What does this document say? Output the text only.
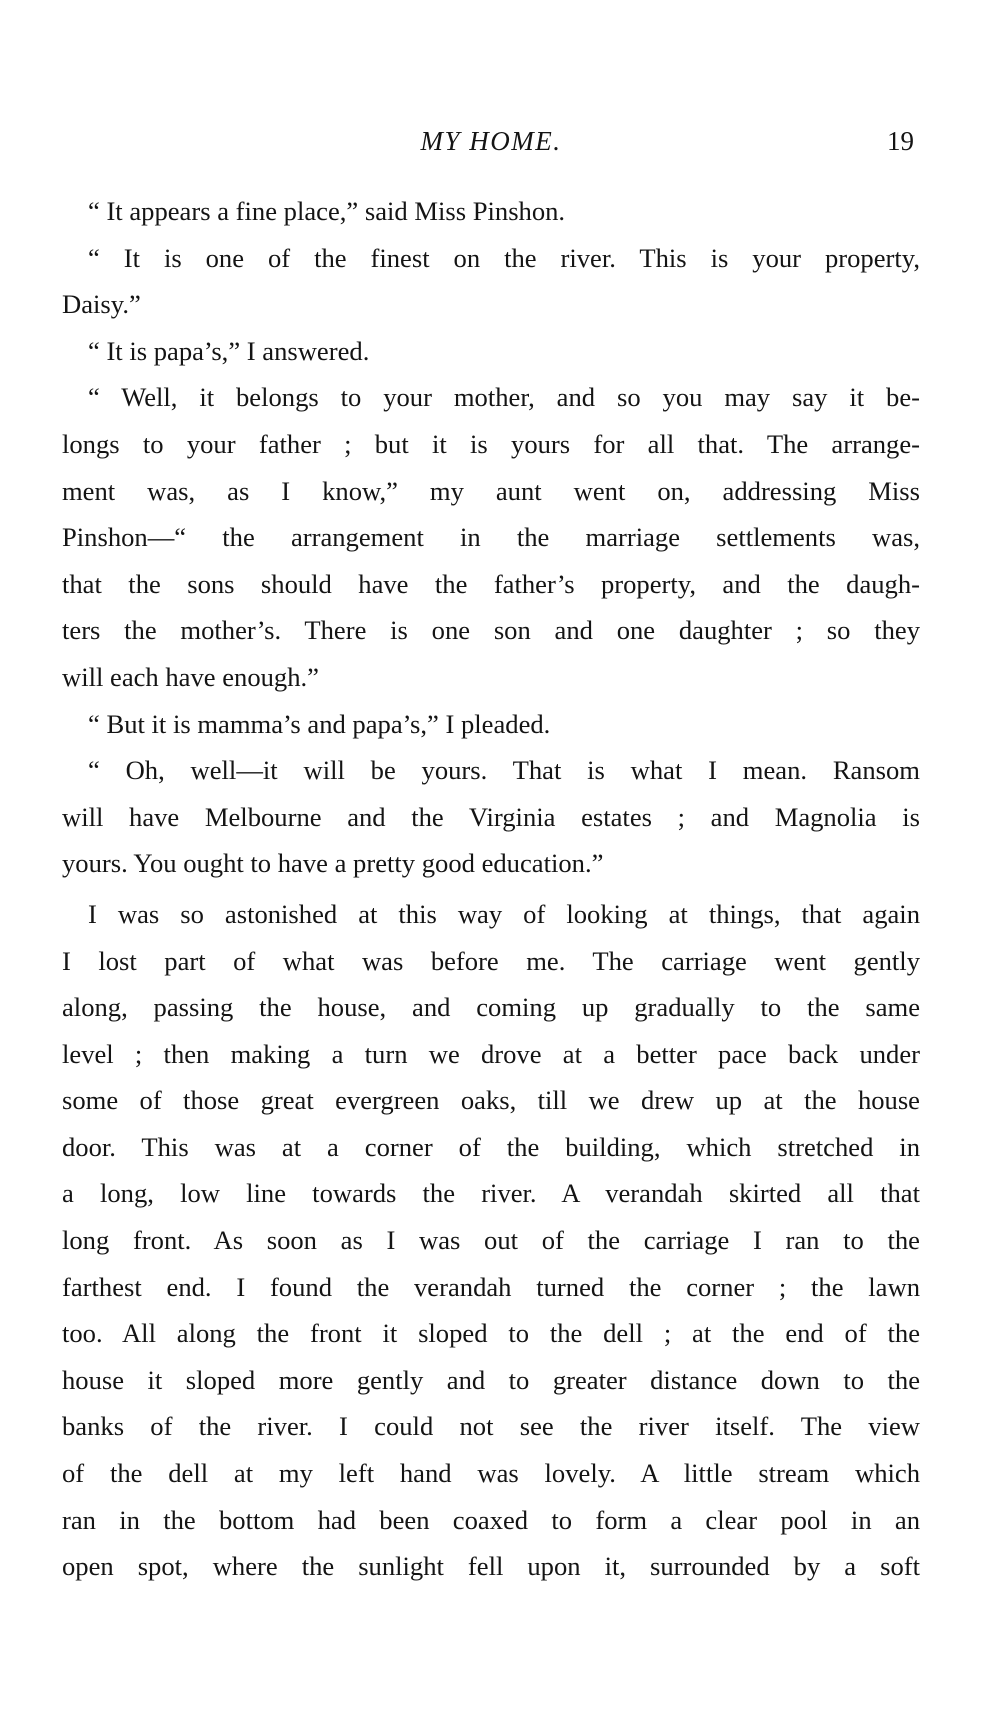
MY HOME.	19
“ It appears a fine place,” said Miss Pinshon.
“ It is one of the finest on the river. This is your property,
Daisy.”
“ It is papa’s,” I answered.
“ Well, it belongs to your mother, and so you may say it be-
longs to your father ; but it is yours for all that. The arrange-
ment was, as I know,” my aunt went on, addressing Miss
Pinshon—“ the arrangement in the marriage settlements was,
that the sons should have the father’s property, and the daugh-
ters the mother’s. There is one son and one daughter ; so they
will each have enough.”
“ But it is mamma’s and papa’s,” I pleaded.
“ Oh, well—it will be yours. That is what I mean. Ransom
will have Melbourne and the Virginia estates ; and Magnolia is
yours. You ought to have a pretty good education.”
I was so astonished at this way of looking at things, that again
I lost part of what was before me. The carriage went gently
along, passing the house, and coming up gradually to the same
level ; then making a turn we drove at a better pace back under
some of those great evergreen oaks, till we drew up at the house
door. This was at a corner of the building, which stretched in
a long, low line towards the river. A verandah skirted all that
long front. As soon as I was out of the carriage I ran to the
farthest end. I found the verandah turned the corner ; the lawn
too. All along the front it sloped to the dell ; at the end of the
house it sloped more gently and to greater distance down to the
banks of the river. I could not see the river itself. The view
of the dell at my left hand was lovely. A little stream which
ran in the bottom had been coaxed to form a clear pool in an
open spot, where the sunlight fell upon it, surrounded by a soft
